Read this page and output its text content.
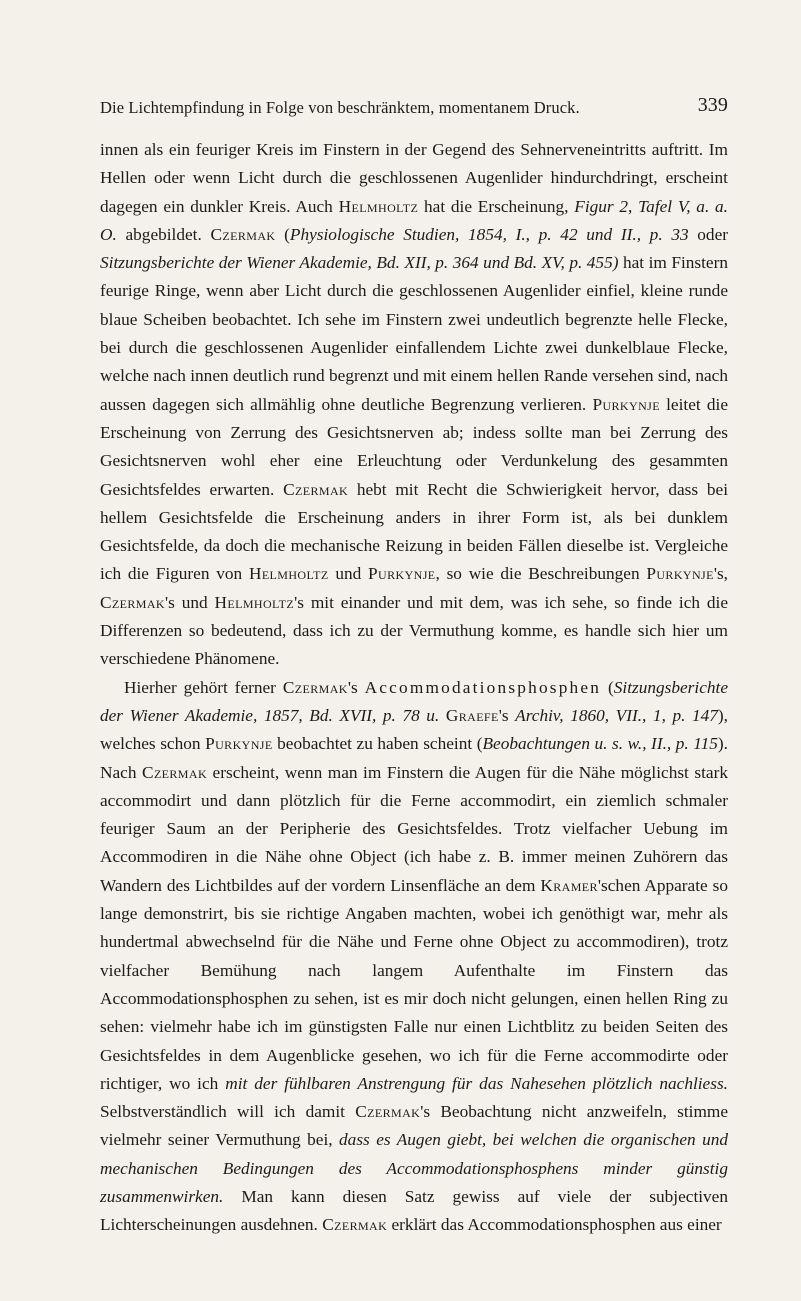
Die Lichtempfindung in Folge von beschränktem, momentanem Druck.	339

innen als ein feuriger Kreis im Finstern in der Gegend des Sehnerveneintritts auftritt. Im Hellen oder wenn Licht durch die geschlossenen Augenlider hindurchdringt, erscheint dagegen ein dunkler Kreis. Auch Helmholtz hat die Erscheinung, Figur 2, Tafel V, a. a. O. abgebildet. Czermak (Physiologische Studien, 1854, I., p. 42 und II., p. 33 oder Sitzungsberichte der Wiener Akademie, Bd. XII, p. 364 und Bd. XV, p. 455) hat im Finstern feurige Ringe, wenn aber Licht durch die geschlossenen Augenlider einfiel, kleine runde blaue Scheiben beobachtet. Ich sehe im Finstern zwei undeutlich begrenzte helle Flecke, bei durch die geschlossenen Augenlider einfallendem Lichte zwei dunkelblaue Flecke, welche nach innen deutlich rund begrenzt und mit einem hellen Rande versehen sind, nach aussen dagegen sich allmählig ohne deutliche Begrenzung verlieren. Purkynje leitet die Erscheinung von Zerrung des Gesichtsnerven ab; indess sollte man bei Zerrung des Gesichtsnerven wohl eher eine Erleuchtung oder Verdunkelung des gesammten Gesichtsfeldes erwarten. Czermak hebt mit Recht die Schwierigkeit hervor, dass bei hellem Gesichtsfelde die Erscheinung anders in ihrer Form ist, als bei dunklem Gesichtsfelde, da doch die mechanische Reizung in beiden Fällen dieselbe ist. Vergleiche ich die Figuren von Helmholtz und Purkynje, so wie die Beschreibungen Purkynje's, Czermak's und Helmholtz's mit einander und mit dem, was ich sehe, so finde ich die Differenzen so bedeutend, dass ich zu der Vermuthung komme, es handle sich hier um verschiedene Phänomene.

Hierher gehört ferner Czermak's Accommodationsphosphen (Sitzungsberichte der Wiener Akademie, 1857, Bd. XVII, p. 78 u. Graefe's Archiv, 1860, VII., 1, p. 147), welches schon Purkynje beobachtet zu haben scheint (Beobachtungen u. s. w., II., p. 115). Nach Czermak erscheint, wenn man im Finstern die Augen für die Nähe möglichst stark accommodirt und dann plötzlich für die Ferne accommodirt, ein ziemlich schmaler feuriger Saum an der Peripherie des Gesichtsfeldes. Trotz vielfacher Uebung im Accommodiren in die Nähe ohne Object (ich habe z. B. immer meinen Zuhörern das Wandern des Lichtbildes auf der vordern Linsenfläche an dem Kramer'schen Apparate so lange demonstrirt, bis sie richtige Angaben machten, wobei ich genöthigt war, mehr als hundertmal abwechselnd für die Nähe und Ferne ohne Object zu accommodiren), trotz vielfacher Bemühung nach langem Aufenthalte im Finstern das Accommodationsphosphen zu sehen, ist es mir doch nicht gelungen, einen hellen Ring zu sehen: vielmehr habe ich im günstigsten Falle nur einen Lichtblitz zu beiden Seiten des Gesichtsfeldes in dem Augenblicke gesehen, wo ich für die Ferne accommodirte oder richtiger, wo ich mit der fühlbaren Anstrengung für das Nahesehen plötzlich nachliess. Selbstverständlich will ich damit Czermak's Beobachtung nicht anzweifeln, stimme vielmehr seiner Vermuthung bei, dass es Augen giebt, bei welchen die organischen und mechanischen Bedingungen des Accommodationsphosphens minder günstig zusammenwirken. Man kann diesen Satz gewiss auf viele der subjectiven Lichterscheinungen ausdehnen. Czermak erklärt das Accommodationsphosphen aus einer
